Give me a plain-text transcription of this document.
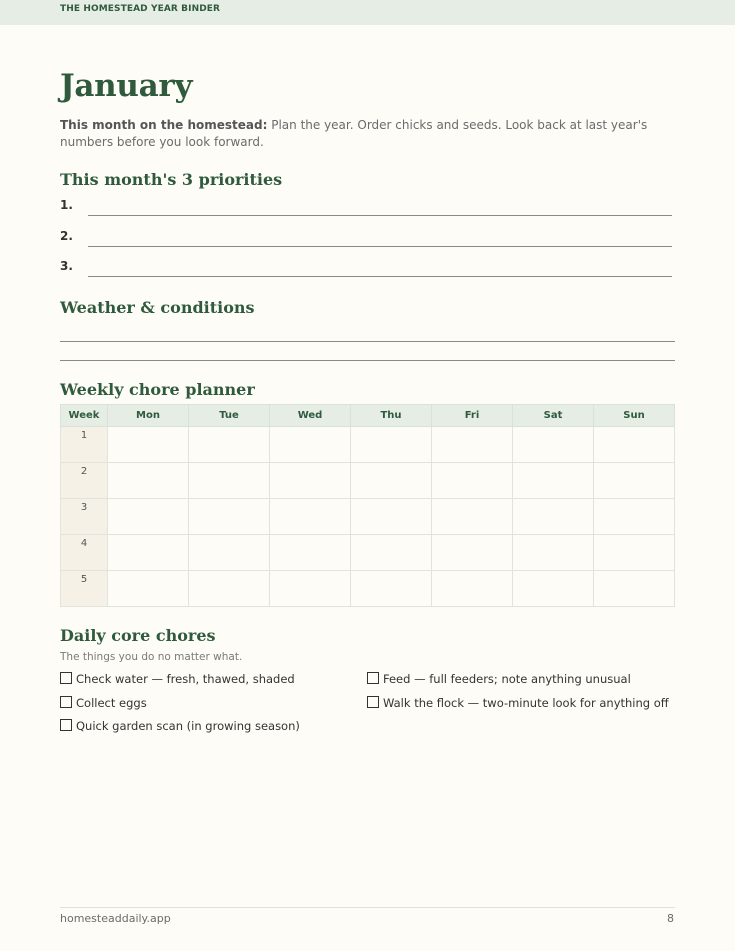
THE HOMESTEAD YEAR BINDER
January

This month on the homestead: Plan the year. Order chicks and seeds. Look back at last year's numbers before you look forward.

This month's 3 priorities
1.
2.
3.
Weather & conditions
Weekly chore planner
Week	Mon	Tue	Wed	Thu	Fri	Sat	Sun
1							
2							
3							
4							
5							
Daily core chores

The things you do no matter what.

Check water — fresh, thawed, shaded	Feed — full feeders; note anything unusual
Collect eggs	Walk the flock — two-minute look for anything off
Quick garden scan (in growing season)
homesteaddaily.app	8
